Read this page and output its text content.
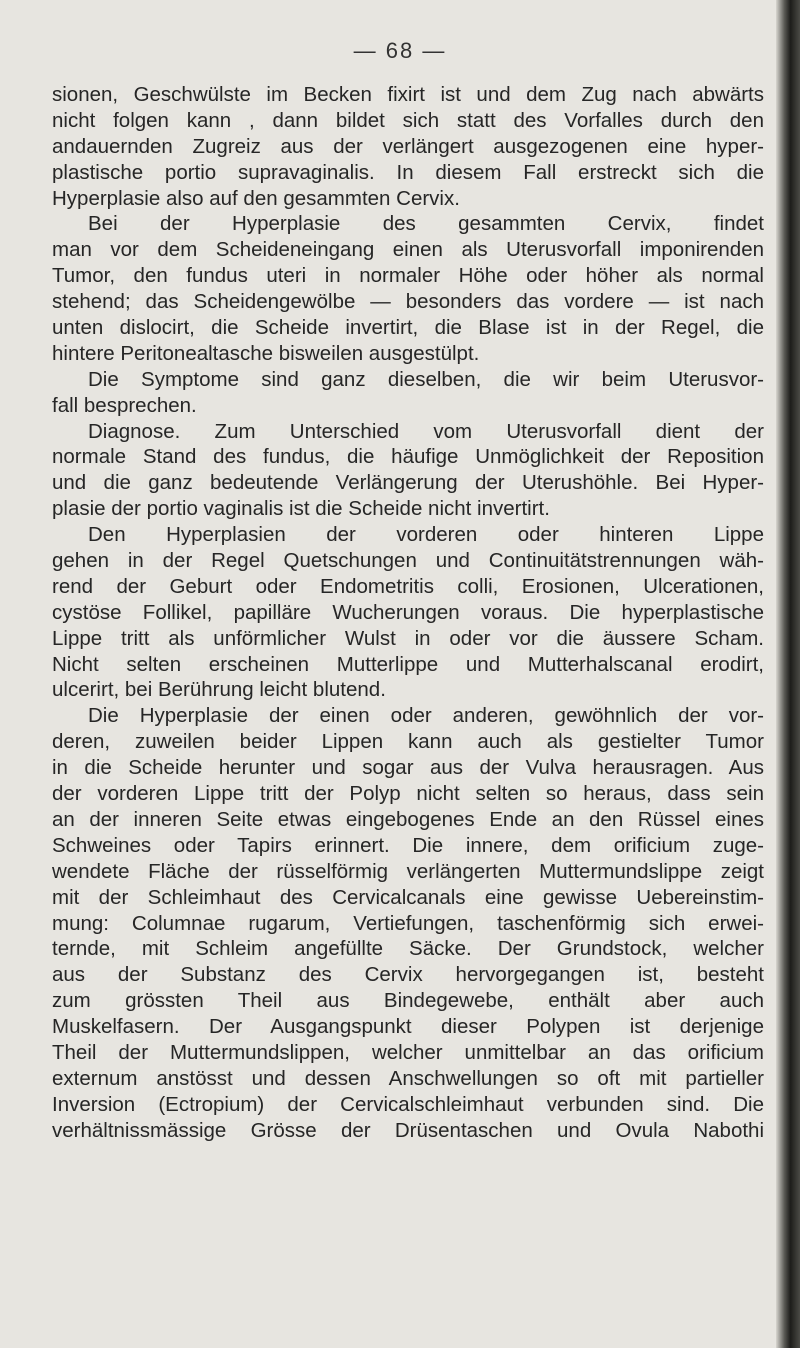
— 68 —
sionen, Geschwülste im Becken fixirt ist und dem Zug nach abwärts
nicht folgen kann , dann bildet sich statt des Vorfalles durch den
andauernden Zugreiz aus der verlängert ausgezogenen eine hyper-
plastische portio supravaginalis. In diesem Fall erstreckt sich die
Hyperplasie also auf den gesammten Cervix.
Bei der Hyperplasie des gesammten Cervix, findet
man vor dem Scheideneingang einen als Uterusvorfall imponirenden
Tumor, den fundus uteri in normaler Höhe oder höher als normal
stehend; das Scheidengewölbe — besonders das vordere — ist nach
unten dislocirt, die Scheide invertirt, die Blase ist in der Regel, die
hintere Peritonealtasche bisweilen ausgestülpt.
Die Symptome sind ganz dieselben, die wir beim Uterusvor-
fall besprechen.
Diagnose. Zum Unterschied vom Uterusvorfall dient der
normale Stand des fundus, die häufige Unmöglichkeit der Reposition
und die ganz bedeutende Verlängerung der Uterushöhle. Bei Hyper-
plasie der portio vaginalis ist die Scheide nicht invertirt.
Den Hyperplasien der vorderen oder hinteren Lippe
gehen in der Regel Quetschungen und Continuitätstrennungen wäh-
rend der Geburt oder Endometritis colli, Erosionen, Ulcerationen,
cystöse Follikel, papilläre Wucherungen voraus. Die hyperplastische
Lippe tritt als unförmlicher Wulst in oder vor die äussere Scham.
Nicht selten erscheinen Mutterlippe und Mutterhalscanal erodirt,
ulcerirt, bei Berührung leicht blutend.
Die Hyperplasie der einen oder anderen, gewöhnlich der vor-
deren, zuweilen beider Lippen kann auch als gestielter Tumor
in die Scheide herunter und sogar aus der Vulva herausragen. Aus
der vorderen Lippe tritt der Polyp nicht selten so heraus, dass sein
an der inneren Seite etwas eingebogenes Ende an den Rüssel eines
Schweines oder Tapirs erinnert. Die innere, dem orificium zuge-
wendete Fläche der rüsselförmig verlängerten Muttermundslippe zeigt
mit der Schleimhaut des Cervicalcanals eine gewisse Uebereinstim-
mung: Columnae rugarum, Vertiefungen, taschenförmig sich erwei-
ternde, mit Schleim angefüllte Säcke. Der Grundstock, welcher
aus der Substanz des Cervix hervorgegangen ist, besteht
zum grössten Theil aus Bindegewebe, enthält aber auch
Muskelfasern. Der Ausgangspunkt dieser Polypen ist derjenige
Theil der Muttermundslippen, welcher unmittelbar an das orificium
externum anstösst und dessen Anschwellungen so oft mit partieller
Inversion (Ectropium) der Cervicalschleimhaut verbunden sind. Die
verhältnissmässige Grösse der Drüsentaschen und Ovula Nabothi
